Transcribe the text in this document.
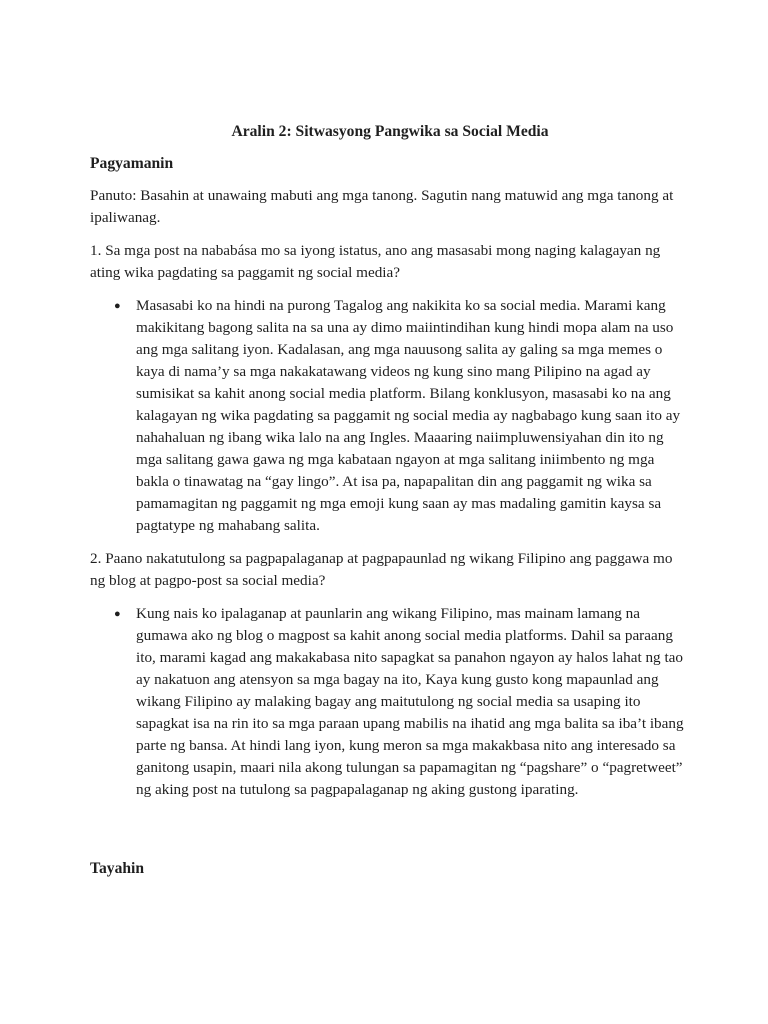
Aralin 2: Sitwasyong Pangwika sa Social Media

Pagyamanin

Panuto: Basahin at unawaing mabuti ang mga tanong. Sagutin nang matuwid ang mga tanong at ipaliwanag.

1. Sa mga post na nababása mo sa iyong istatus, ano ang masasabi mong naging kalagayan ng ating wika pagdating sa paggamit ng social media?

● Masasabi ko na hindi na purong Tagalog ang nakikita ko sa social media. Marami kang makikitang bagong salita na sa una ay dimo maiintindihan kung hindi mopa alam na uso ang mga salitang iyon. Kadalasan, ang mga nauusong salita ay galing sa mga memes o kaya di nama’y sa mga nakakatawang videos ng kung sino mang Pilipino na agad ay sumisikat sa kahit anong social media platform. Bilang konklusyon, masasabi ko na ang kalagayan ng wika pagdating sa paggamit ng social media ay nagbabago kung saan ito ay nahahaluan ng ibang wika lalo na ang Ingles. Maaaring naiimpluwensiyahan din ito ng mga salitang gawa gawa ng mga kabataan ngayon at mga salitang iniimbento ng mga bakla o tinawatag na “gay lingo”. At isa pa, napapalitan din ang paggamit ng wika sa pamamagitan ng paggamit ng mga emoji kung saan ay mas madaling gamitin kaysa sa pagtatype ng mahabang salita.

2. Paano nakatutulong sa pagpapalaganap at pagpapaunlad ng wikang Filipino ang paggawa mo ng blog at pagpo-post sa social media?

● Kung nais ko ipalaganap at paunlarin ang wikang Filipino, mas mainam lamang na gumawa ako ng blog o magpost sa kahit anong social media platforms. Dahil sa paraang ito, marami kagad ang makakabasa nito sapagkat sa panahon ngayon ay halos lahat ng tao ay nakatuon ang atensyon sa mga bagay na ito, Kaya kung gusto kong mapaunlad ang wikang Filipino ay malaking bagay ang maitutulong ng social media sa usaping ito sapagkat isa na rin ito sa mga paraan upang mabilis na ihatid ang mga balita sa iba’t ibang parte ng bansa. At hindi lang iyon, kung meron sa mga makakbasa nito ang interesado sa ganitong usapin, maari nila akong tulungan sa papamagitan ng “pagshare” o “pagretweet” ng aking post na tutulong sa pagpapalaganap ng aking gustong iparating.

Tayahin
